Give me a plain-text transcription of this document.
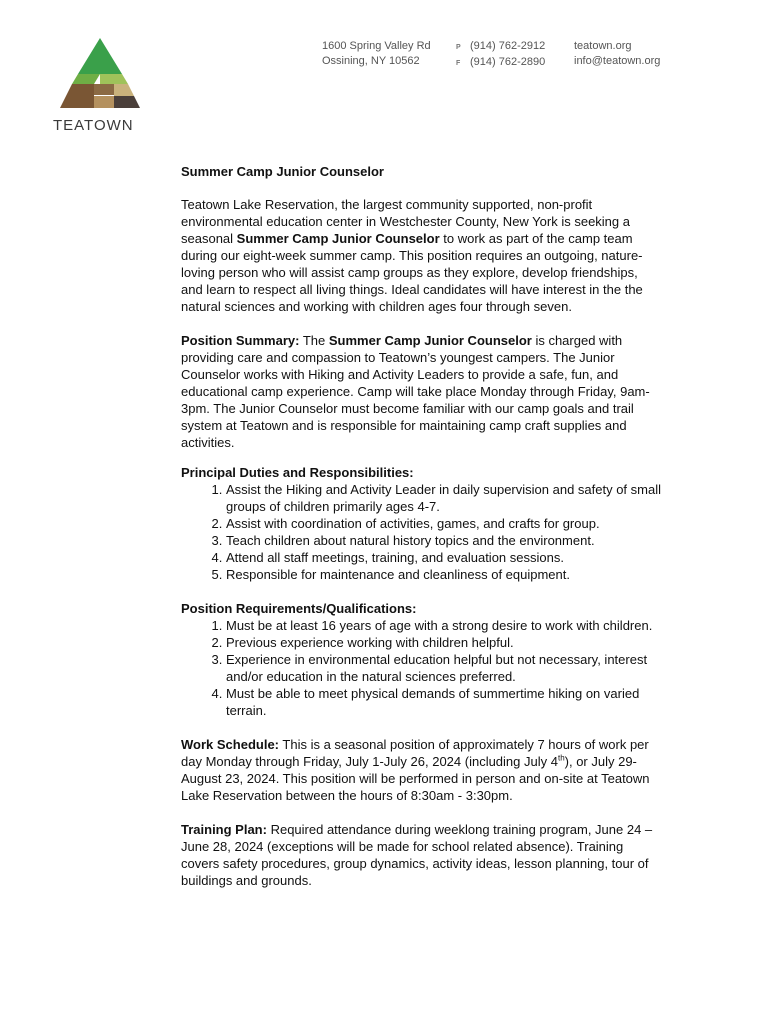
TEATOWN
1600 Spring Valley Rd
Ossining, NY 10562
P (914) 762-2912
F (914) 762-2890
teatown.org
info@teatown.org

Summer Camp Junior Counselor

Teatown Lake Reservation, the largest community supported, non-profit environmental education center in Westchester County, New York is seeking a seasonal Summer Camp Junior Counselor to work as part of the camp team during our eight-week summer camp. This position requires an outgoing, nature-loving person who will assist camp groups as they explore, develop friendships, and learn to respect all living things. Ideal candidates will have interest in the the natural sciences and working with children ages four through seven.

Position Summary: The Summer Camp Junior Counselor is charged with providing care and compassion to Teatown’s youngest campers. The Junior Counselor works with Hiking and Activity Leaders to provide a safe, fun, and educational camp experience. Camp will take place Monday through Friday, 9am-3pm. The Junior Counselor must become familiar with our camp goals and trail system at Teatown and is responsible for maintaining camp craft supplies and activities.

Principal Duties and Responsibilities:

1. Assist the Hiking and Activity Leader in daily supervision and safety of small groups of children primarily ages 4-7.
2. Assist with coordination of activities, games, and crafts for group.
3. Teach children about natural history topics and the environment.
4. Attend all staff meetings, training, and evaluation sessions.
5. Responsible for maintenance and cleanliness of equipment.

Position Requirements/Qualifications:

1. Must be at least 16 years of age with a strong desire to work with children.
2. Previous experience working with children helpful.
3. Experience in environmental education helpful but not necessary, interest and/or education in the natural sciences preferred.
4. Must be able to meet physical demands of summertime hiking on varied terrain.

Work Schedule: This is a seasonal position of approximately 7 hours of work per day Monday through Friday, July 1-July 26, 2024 (including July 4th), or July 29-August 23, 2024. This position will be performed in person and on-site at Teatown Lake Reservation between the hours of 8:30am - 3:30pm.

Training Plan: Required attendance during weeklong training program, June 24 – June 28, 2024 (exceptions will be made for school related absence). Training covers safety procedures, group dynamics, activity ideas, lesson planning, tour of buildings and grounds.
